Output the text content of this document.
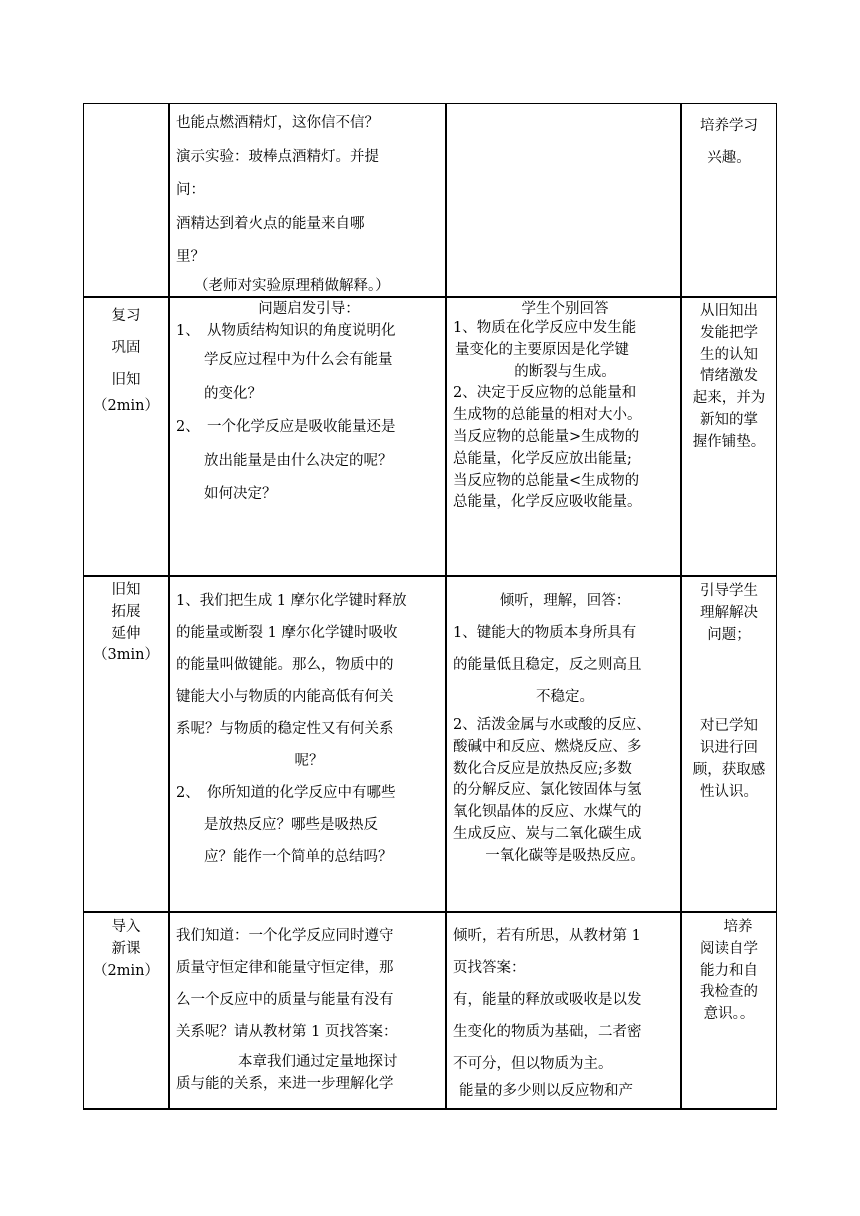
也能点燃酒精灯，这你信不信？

演示实验：玻棒点酒精灯。并提

问：

酒精达到着火点的能量来自哪

里？

（老师对实验原理稍做解释。）

培养学习

兴趣。

复习

巩固

旧知

（2min）

问题启发引导：

1、　从物质结构知识的角度说明化

学反应过程中为什么会有能量

的变化？

2、　一个化学反应是吸收能量还是

放出能量是由什么决定的呢？

如何决定？

学生个别回答

1、物质在化学反应中发生能

量变化的主要原因是化学键

的断裂与生成。

2、决定于反应物的总能量和

生成物的总能量的相对大小。

当反应物的总能量>生成物的

总能量，化学反应放出能量;

当反应物的总能量<生成物的

总能量，化学反应吸收能量。

从旧知出

发能把学

生的认知

情绪激发

起来，并为

新知的掌

握作铺垫。

旧知

拓展

延伸

（3min）

1、我们把生成 1 摩尔化学键时释放

的能量或断裂 1 摩尔化学键时吸收

的能量叫做键能。那么，物质中的

键能大小与物质的内能高低有何关

系呢？与物质的稳定性又有何关系

呢？

2、　你所知道的化学反应中有哪些

是放热反应？哪些是吸热反

应？能作一个简单的总结吗？

倾听，理解，回答：

1、键能大的物质本身所具有

的能量低且稳定，反之则高且

不稳定。

2、活泼金属与水或酸的反应、

酸碱中和反应、燃烧反应、多

数化合反应是放热反应;多数

的分解反应、氯化铵固体与氢

氧化钡晶体的反应、水煤气的

生成反应、炭与二氧化碳生成

一氧化碳等是吸热反应。

引导学生

理解解决

问题；

对已学知

识进行回

顾，获取感

性认识。

导入

新课

（2min）

我们知道：一个化学反应同时遵守

质量守恒定律和能量守恒定律，那

么一个反应中的质量与能量有没有

关系呢？请从教材第 1 页找答案：

本章我们通过定量地探讨

质与能的关系，来进一步理解化学

倾听，若有所思，从教材第 1

页找答案：

有，能量的释放或吸收是以发

生变化的物质为基础，二者密

不可分，但以物质为主。

能量的多少则以反应物和产

培养

阅读自学

能力和自

我检查的

意识。。
